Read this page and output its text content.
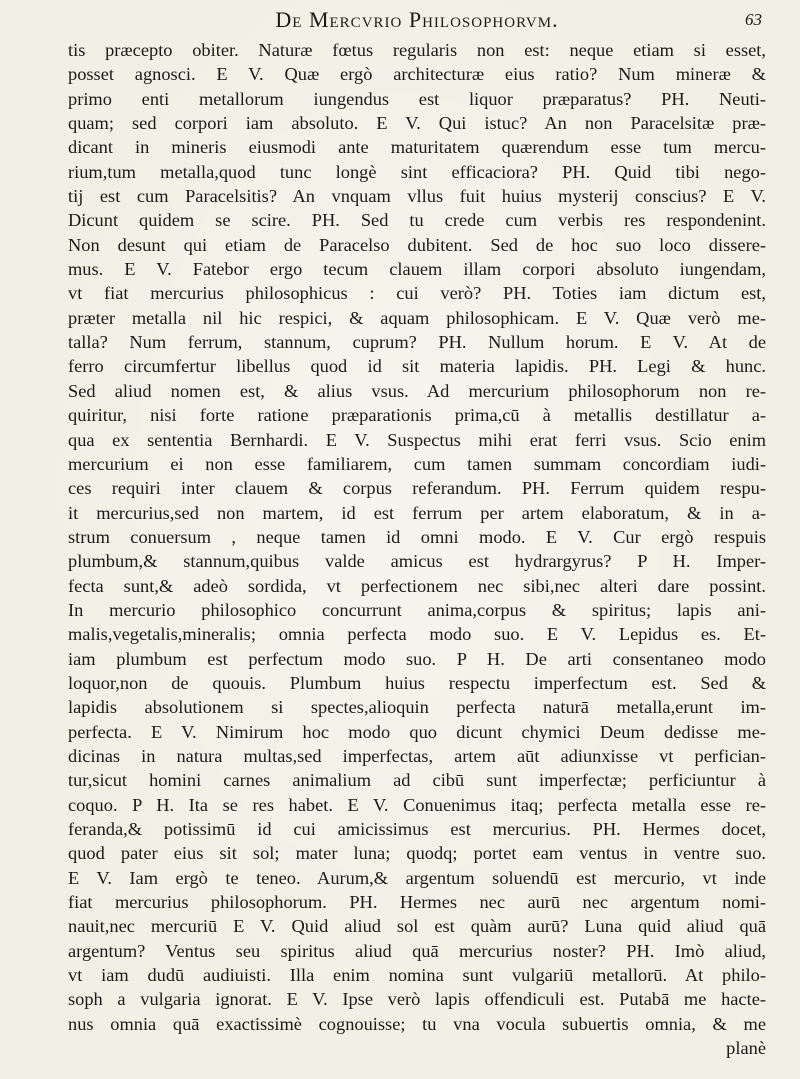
De Mercvrio Philosophorvm.	63
tis præcepto obiter. Naturæ fœtus regularis non est: neque etiam si esset,
posset agnosci. E V. Quæ ergò architecturæ eius ratio? Num mineræ &
primo enti metallorum iungendus est liquor præparatus? PH. Neuti-
quam; sed corpori iam absoluto. E V. Qui istuc? An non Paracelsitæ præ-
dicant in mineris eiusmodi ante maturitatem quærendum esse tum mercu-
rium,tum metalla,quod tunc longè sint efficaciora? PH. Quid tibi nego-
tij est cum Paracelsitis? An vnquam vllus fuit huius mysterij conscius? E V.
Dicunt quidem se scire. PH. Sed tu crede cum verbis res respondenint.
Non desunt qui etiam de Paracelso dubitent. Sed de hoc suo loco dissere-
mus. E V. Fatebor ergo tecum clauem illam corpori absoluto iungendam,
vt fiat mercurius philosophicus : cui verò? PH. Toties iam dictum est,
præter metalla nil hic respici, & aquam philosophicam. E V. Quæ verò me-
talla? Num ferrum, stannum, cuprum? PH. Nullum horum. E V. At de
ferro circumfertur libellus quod id sit materia lapidis. PH. Legi & hunc.
Sed aliud nomen est, & alius vsus. Ad mercurium philosophorum non re-
quiritur, nisi forte ratione præparationis prima,cū à metallis destillatur a-
qua ex sententia Bernhardi. E V. Suspectus mihi erat ferri vsus. Scio enim
mercurium ei non esse familiarem, cum tamen summam concordiam iudi-
ces requiri inter clauem & corpus referandum. PH. Ferrum quidem respu-
it mercurius,sed non martem, id est ferrum per artem elaboratum, & in a-
strum conuersum , neque tamen id omni modo. E V. Cur ergò respuis
plumbum,& stannum,quibus valde amicus est hydrargyrus? P H. Imper-
fecta sunt,& adeò sordida, vt perfectionem nec sibi,nec alteri dare possint.
In mercurio philosophico concurrunt anima,corpus & spiritus; lapis ani-
malis,vegetalis,mineralis; omnia perfecta modo suo. E V. Lepidus es. Et-
iam plumbum est perfectum modo suo. P H. De arti consentaneo modo
loquor,non de quouis. Plumbum huius respectu imperfectum est. Sed &
lapidis absolutionem si spectes,alioquin perfecta naturā metalla,erunt im-
perfecta. E V. Nimirum hoc modo quo dicunt chymici Deum dedisse me-
dicinas in natura multas,sed imperfectas, artem aūt adiunxisse vt perfician-
tur,sicut homini carnes animalium ad cibū sunt imperfectæ; perficiuntur à
coquo. P H. Ita se res habet. E V. Conuenimus itaq; perfecta metalla esse re-
feranda,& potissimū id cui amicissimus est mercurius. PH. Hermes docet,
quod pater eius sit sol; mater luna; quodq; portet eam ventus in ventre suo.
E V. Iam ergò te teneo. Aurum,& argentum soluendū est mercurio, vt inde
fiat mercurius philosophorum. PH. Hermes nec aurū nec argentum nomi-
nauit,nec mercuriū E V. Quid aliud sol est quàm aurū? Luna quid aliud quā
argentum? Ventus seu spiritus aliud quā mercurius noster? PH. Imò aliud,
vt iam dudū audiuisti. Illa enim nomina sunt vulgariū metallorū. At philo-
soph a vulgaria ignorat. E V. Ipse verò lapis offendiculi est. Putabā me hacte-
nus omnia quā exactissimè cognouisse; tu vna vocula subuertis omnia, & me
planè
